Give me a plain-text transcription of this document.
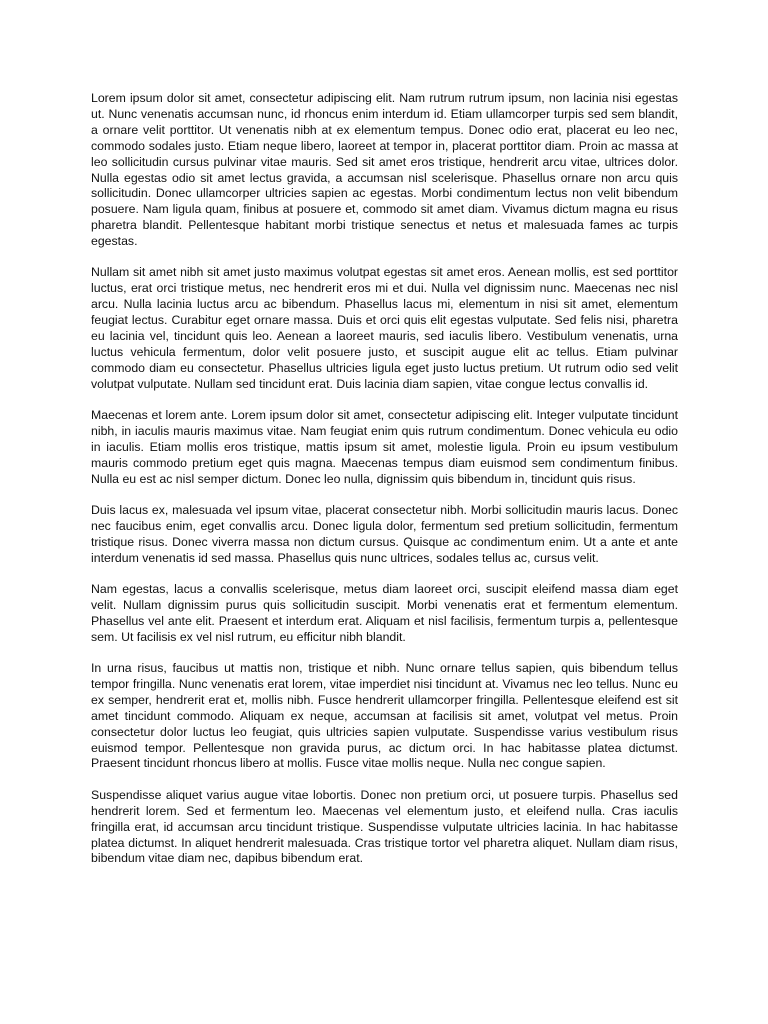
Lorem ipsum dolor sit amet, consectetur adipiscing elit. Nam rutrum rutrum ipsum, non lacinia nisi egestas ut. Nunc venenatis accumsan nunc, id rhoncus enim interdum id. Etiam ullamcorper turpis sed sem blandit, a ornare velit porttitor. Ut venenatis nibh at ex elementum tempus. Donec odio erat, placerat eu leo nec, commodo sodales justo. Etiam neque libero, laoreet at tempor in, placerat porttitor diam. Proin ac massa at leo sollicitudin cursus pulvinar vitae mauris. Sed sit amet eros tristique, hendrerit arcu vitae, ultrices dolor. Nulla egestas odio sit amet lectus gravida, a accumsan nisl scelerisque. Phasellus ornare non arcu quis sollicitudin. Donec ullamcorper ultricies sapien ac egestas. Morbi condimentum lectus non velit bibendum posuere. Nam ligula quam, finibus at posuere et, commodo sit amet diam. Vivamus dictum magna eu risus pharetra blandit. Pellentesque habitant morbi tristique senectus et netus et malesuada fames ac turpis egestas.

Nullam sit amet nibh sit amet justo maximus volutpat egestas sit amet eros. Aenean mollis, est sed porttitor luctus, erat orci tristique metus, nec hendrerit eros mi et dui. Nulla vel dignissim nunc. Maecenas nec nisl arcu. Nulla lacinia luctus arcu ac bibendum. Phasellus lacus mi, elementum in nisi sit amet, elementum feugiat lectus. Curabitur eget ornare massa. Duis et orci quis elit egestas vulputate. Sed felis nisi, pharetra eu lacinia vel, tincidunt quis leo. Aenean a laoreet mauris, sed iaculis libero. Vestibulum venenatis, urna luctus vehicula fermentum, dolor velit posuere justo, et suscipit augue elit ac tellus. Etiam pulvinar commodo diam eu consectetur. Phasellus ultricies ligula eget justo luctus pretium. Ut rutrum odio sed velit volutpat vulputate. Nullam sed tincidunt erat. Duis lacinia diam sapien, vitae congue lectus convallis id.

Maecenas et lorem ante. Lorem ipsum dolor sit amet, consectetur adipiscing elit. Integer vulputate tincidunt nibh, in iaculis mauris maximus vitae. Nam feugiat enim quis rutrum condimentum. Donec vehicula eu odio in iaculis. Etiam mollis eros tristique, mattis ipsum sit amet, molestie ligula. Proin eu ipsum vestibulum mauris commodo pretium eget quis magna. Maecenas tempus diam euismod sem condimentum finibus. Nulla eu est ac nisl semper dictum. Donec leo nulla, dignissim quis bibendum in, tincidunt quis risus.

Duis lacus ex, malesuada vel ipsum vitae, placerat consectetur nibh. Morbi sollicitudin mauris lacus. Donec nec faucibus enim, eget convallis arcu. Donec ligula dolor, fermentum sed pretium sollicitudin, fermentum tristique risus. Donec viverra massa non dictum cursus. Quisque ac condimentum enim. Ut a ante et ante interdum venenatis id sed massa. Phasellus quis nunc ultrices, sodales tellus ac, cursus velit.

Nam egestas, lacus a convallis scelerisque, metus diam laoreet orci, suscipit eleifend massa diam eget velit. Nullam dignissim purus quis sollicitudin suscipit. Morbi venenatis erat et fermentum elementum. Phasellus vel ante elit. Praesent et interdum erat. Aliquam et nisl facilisis, fermentum turpis a, pellentesque sem. Ut facilisis ex vel nisl rutrum, eu efficitur nibh blandit.

In urna risus, faucibus ut mattis non, tristique et nibh. Nunc ornare tellus sapien, quis bibendum tellus tempor fringilla. Nunc venenatis erat lorem, vitae imperdiet nisi tincidunt at. Vivamus nec leo tellus. Nunc eu ex semper, hendrerit erat et, mollis nibh. Fusce hendrerit ullamcorper fringilla. Pellentesque eleifend est sit amet tincidunt commodo. Aliquam ex neque, accumsan at facilisis sit amet, volutpat vel metus. Proin consectetur dolor luctus leo feugiat, quis ultricies sapien vulputate. Suspendisse varius vestibulum risus euismod tempor. Pellentesque non gravida purus, ac dictum orci. In hac habitasse platea dictumst. Praesent tincidunt rhoncus libero at mollis. Fusce vitae mollis neque. Nulla nec congue sapien.

Suspendisse aliquet varius augue vitae lobortis. Donec non pretium orci, ut posuere turpis. Phasellus sed hendrerit lorem. Sed et fermentum leo. Maecenas vel elementum justo, et eleifend nulla. Cras iaculis fringilla erat, id accumsan arcu tincidunt tristique. Suspendisse vulputate ultricies lacinia. In hac habitasse platea dictumst. In aliquet hendrerit malesuada. Cras tristique tortor vel pharetra aliquet. Nullam diam risus, bibendum vitae diam nec, dapibus bibendum erat.
